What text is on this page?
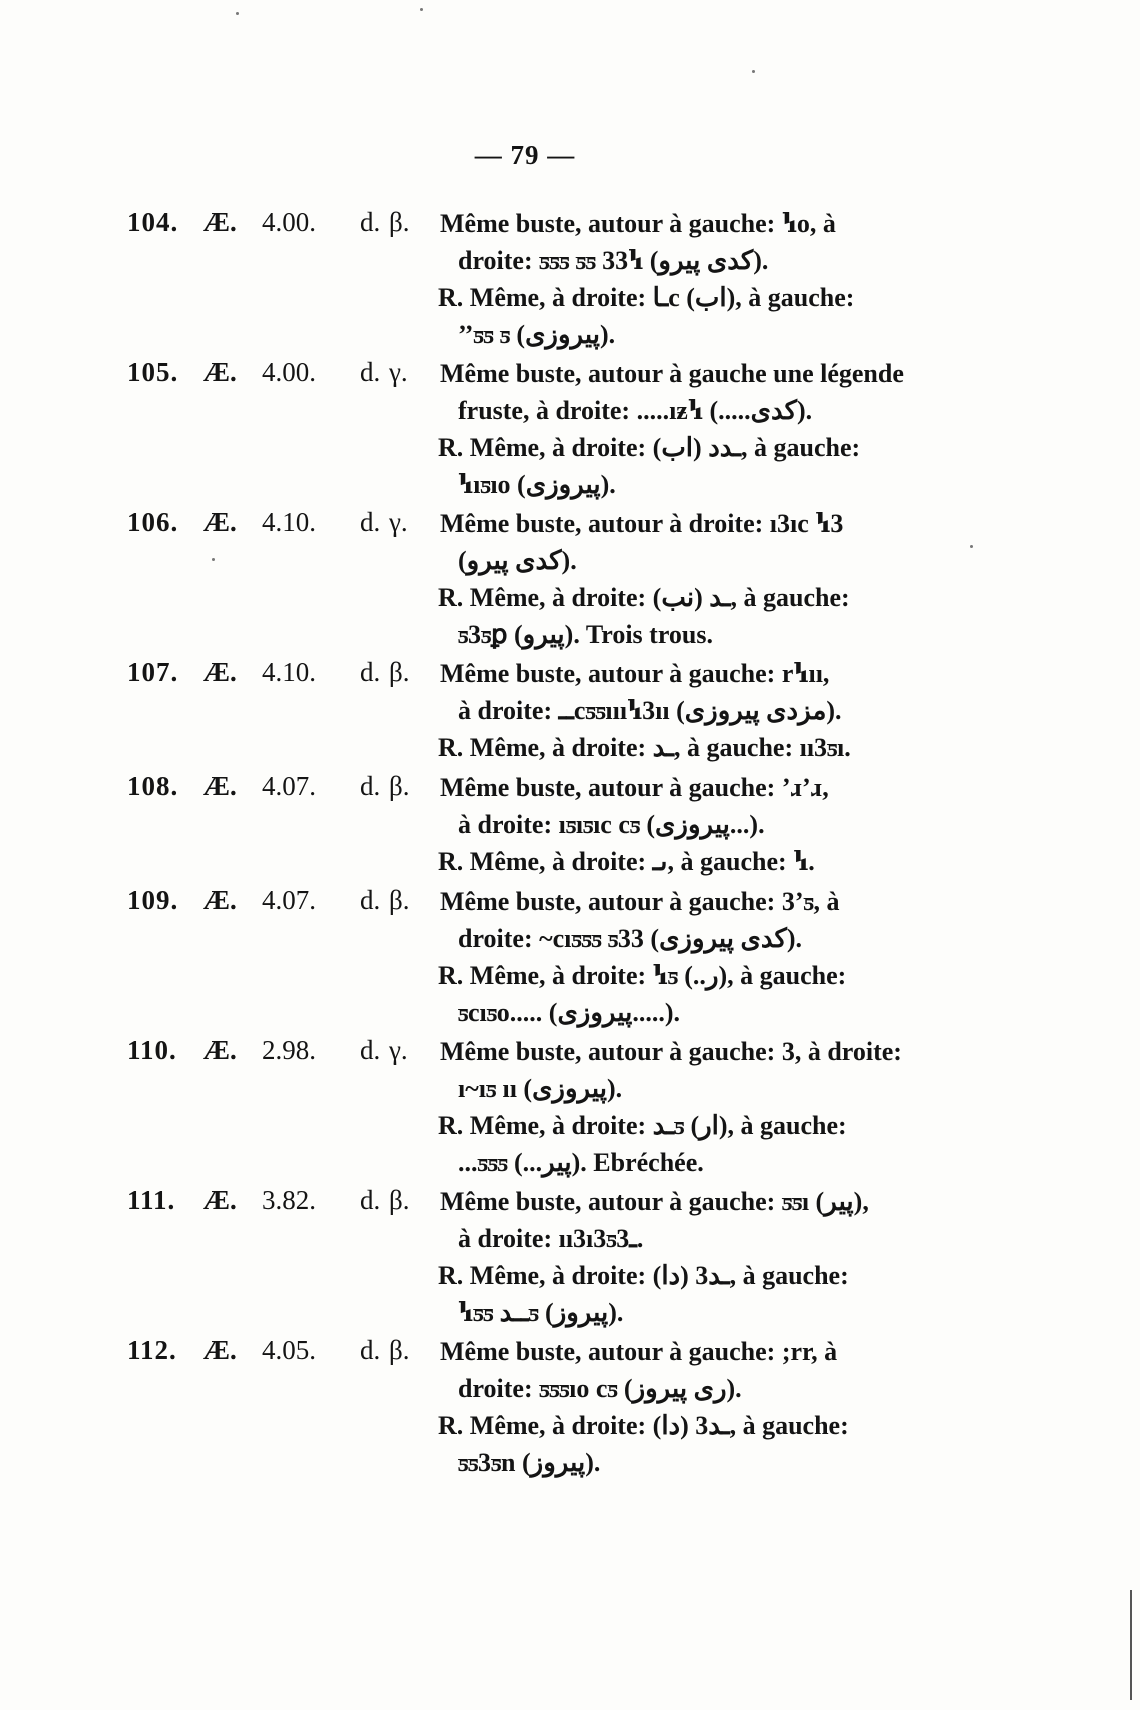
— 79 —
104. Æ. 4.00. d. β. Même buste, autour à gauche: ꝇo, à
droite: ƽƽƽ ƽƽ 33ꝇ (كدى پيرو).
R. Même, à droite: ـاc (اب), à gauche:
’’ƽƽ ƽ (پيروزى).
105. Æ. 4.00. d. γ. Même buste, autour à gauche une légende
fruste, à droite: .....ıƶꝇ (.....كدى).
R. Même, à droite: ـدد (اب), à gauche:
ꝇıƽıo (پيروزى).
106. Æ. 4.10. d. γ. Même buste, autour à droite: ı3ıc ꝇ3
(كدى پيرو).
R. Même, à droite: ـد (نب), à gauche:
ƽ3ƽꝑ (پيرو). Trois trous.
107. Æ. 4.10. d. β. Même buste, autour à gauche: rꝇıı,
à droite: ــcƽƽıııꝇ3ıı (مزدى پيروزى).
R. Même, à droite: ـد, à gauche: ıı3ƽı.
108. Æ. 4.07. d. β. Même buste, autour à gauche: ʼɹʼɹ,
à droite: ıƽıƽıc cƽ (پيروزى...).
R. Même, à droite: ىـ, à gauche: ꝇ.
109. Æ. 4.07. d. β. Même buste, autour à gauche: 3ʼƽ, à
droite: ~cıƽƽƽ ƽ33 (كدى پيروزى).
R. Même, à droite: ꝇƽ (..ر), à gauche:
ƽcıƽo..... (پيروزى.....).
110. Æ. 2.98. d. γ. Même buste, autour à gauche: 3, à droite:
ı~ıƽ ıı (پيروزى).
R. Même, à droite: ـدƽ (ار), à gauche:
...ƽƽƽ (...پير). Ebréchée.
111. Æ. 3.82. d. β. Même buste, autour à gauche: ƽƽı (پير),
à droite: ıı3ı3ƽـ3.
R. Même, à droite: ـد3 (دا), à gauche:
ꝇƽƽ ــدƽ (پيروز).
112. Æ. 4.05. d. β. Même buste, autour à gauche: ;rr, à
droite: ƽƽƽıo cƽ (رى پيروز).
R. Même, à droite: ـد3 (دا), à gauche:
ƽƽ3ƽn (پيروز).
